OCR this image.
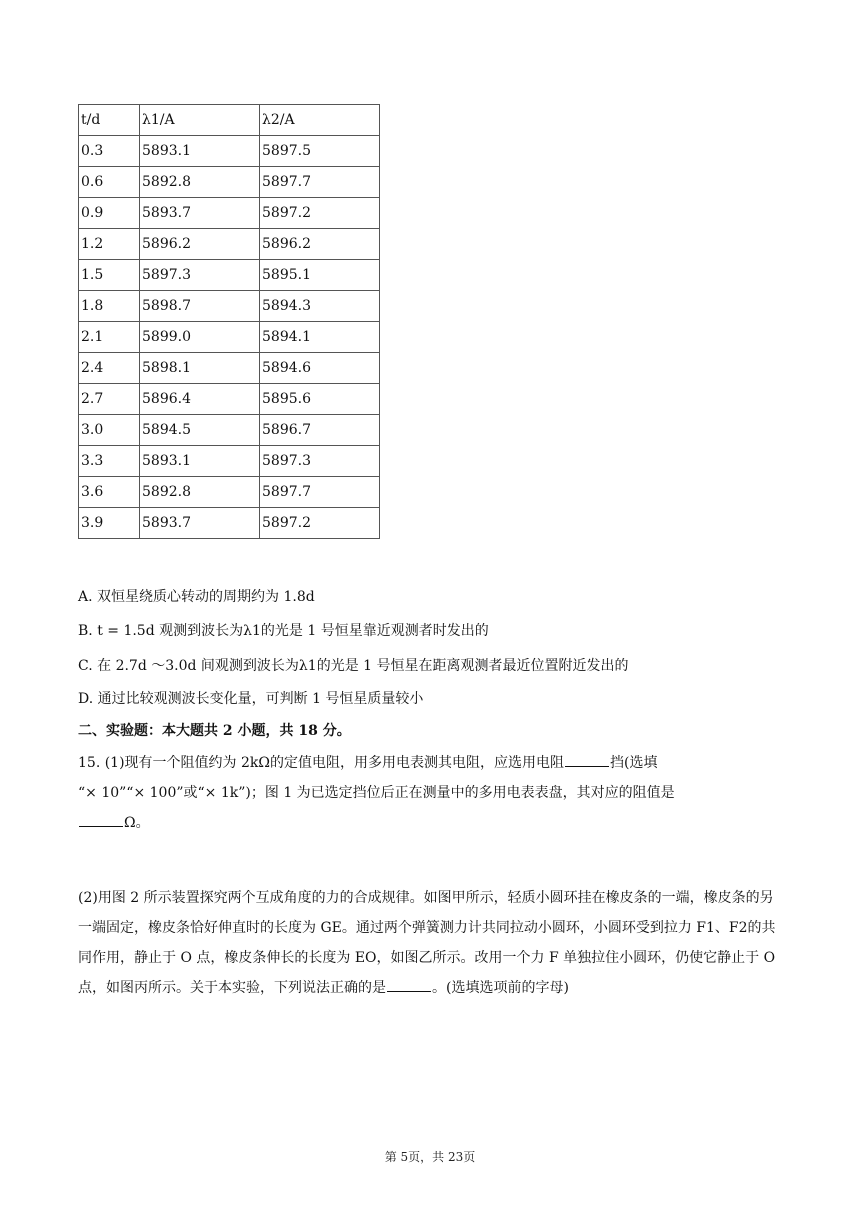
t/d	λ1/A	λ2/A
0.3	5893.1	5897.5
0.6	5892.8	5897.7
0.9	5893.7	5897.2
1.2	5896.2	5896.2
1.5	5897.3	5895.1
1.8	5898.7	5894.3
2.1	5899.0	5894.1
2.4	5898.1	5894.6
2.7	5896.4	5895.6
3.0	5894.5	5896.7
3.3	5893.1	5897.3
3.6	5892.8	5897.7
3.9	5893.7	5897.2
A. 双恒星绕质心转动的周期约为 1.8d
B. t = 1.5d 观测到波长为λ1的光是 1 号恒星靠近观测者时发出的
C. 在 2.7d ～3.0d 间观测到波长为λ1的光是 1 号恒星在距离观测者最近位置附近发出的
D. 通过比较观测波长变化量，可判断 1 号恒星质量较小
二、实验题：本大题共 2 小题，共 18 分。
15. (1)现有一个阻值约为 2kΩ的定值电阻，用多用电表测其电阻，应选用电阻	挡(选填
“× 10”“× 100”或“× 1k”)；图 1 为已选定挡位后正在测量中的多用电表表盘，其对应的阻值是
Ω。
(2)用图 2 所示装置探究两个互成角度的力的合成规律。如图甲所示，轻质小圆环挂在橡皮条的一端，橡皮条的另一端固定，橡皮条恰好伸直时的长度为 GE。通过两个弹簧测力计共同拉动小圆环，小圆环受到拉力 F1、F2的共同作用，静止于 O 点，橡皮条伸长的长度为 EO，如图乙所示。改用一个力 F 单独拉住小圆环，仍使它静止于 O 点，如图丙所示。关于本实验，下列说法正确的是	。(选填选项前的字母)
第 5页，共 23页
